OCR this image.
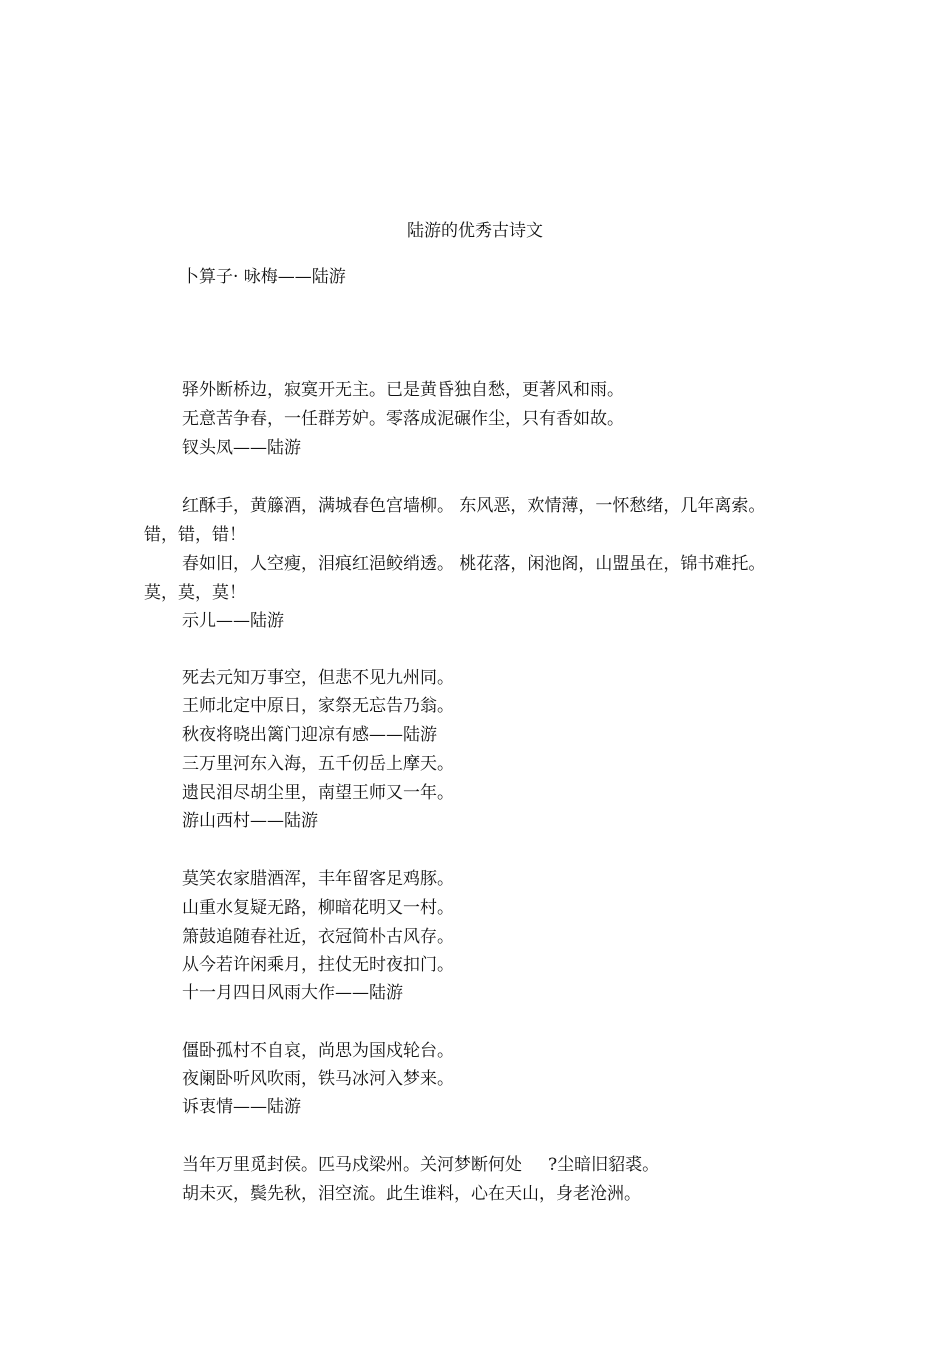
陆游的优秀古诗文
卜算子· 咏梅——陆游
驿外断桥边，寂寞开无主。已是黄昏独自愁，更著风和雨。
无意苦争春，一任群芳妒。零落成泥碾作尘，只有香如故。
钗头凤——陆游
红酥手，黄籐酒，满城春色宫墙柳。 东风恶，欢情薄，一怀愁绪，几年离索。
错，错，错！
春如旧，人空瘦，泪痕红浥鲛绡透。 桃花落，闲池阁，山盟虽在，锦书难托。
莫，莫，莫！
示儿——陆游
死去元知万事空，但悲不见九州同。
王师北定中原日，家祭无忘告乃翁。
秋夜将晓出篱门迎凉有感——陆游
三万里河东入海，五千仞岳上摩天。
遗民泪尽胡尘里，南望王师又一年。
游山西村——陆游
莫笑农家腊酒浑，丰年留客足鸡豚。
山重水复疑无路，柳暗花明又一村。
箫鼓追随春社近，衣冠简朴古风存。
从今若许闲乘月，拄仗无时夜扣门。
十一月四日风雨大作——陆游
僵卧孤村不自哀，尚思为国戍轮台。
夜阑卧听风吹雨，铁马冰河入梦来。
诉衷情——陆游
当年万里觅封侯。匹马戍梁州。关河梦断何处 ?尘暗旧貂裘。
胡未灭，鬓先秋，泪空流。此生谁料，心在天山，身老沧洲。
